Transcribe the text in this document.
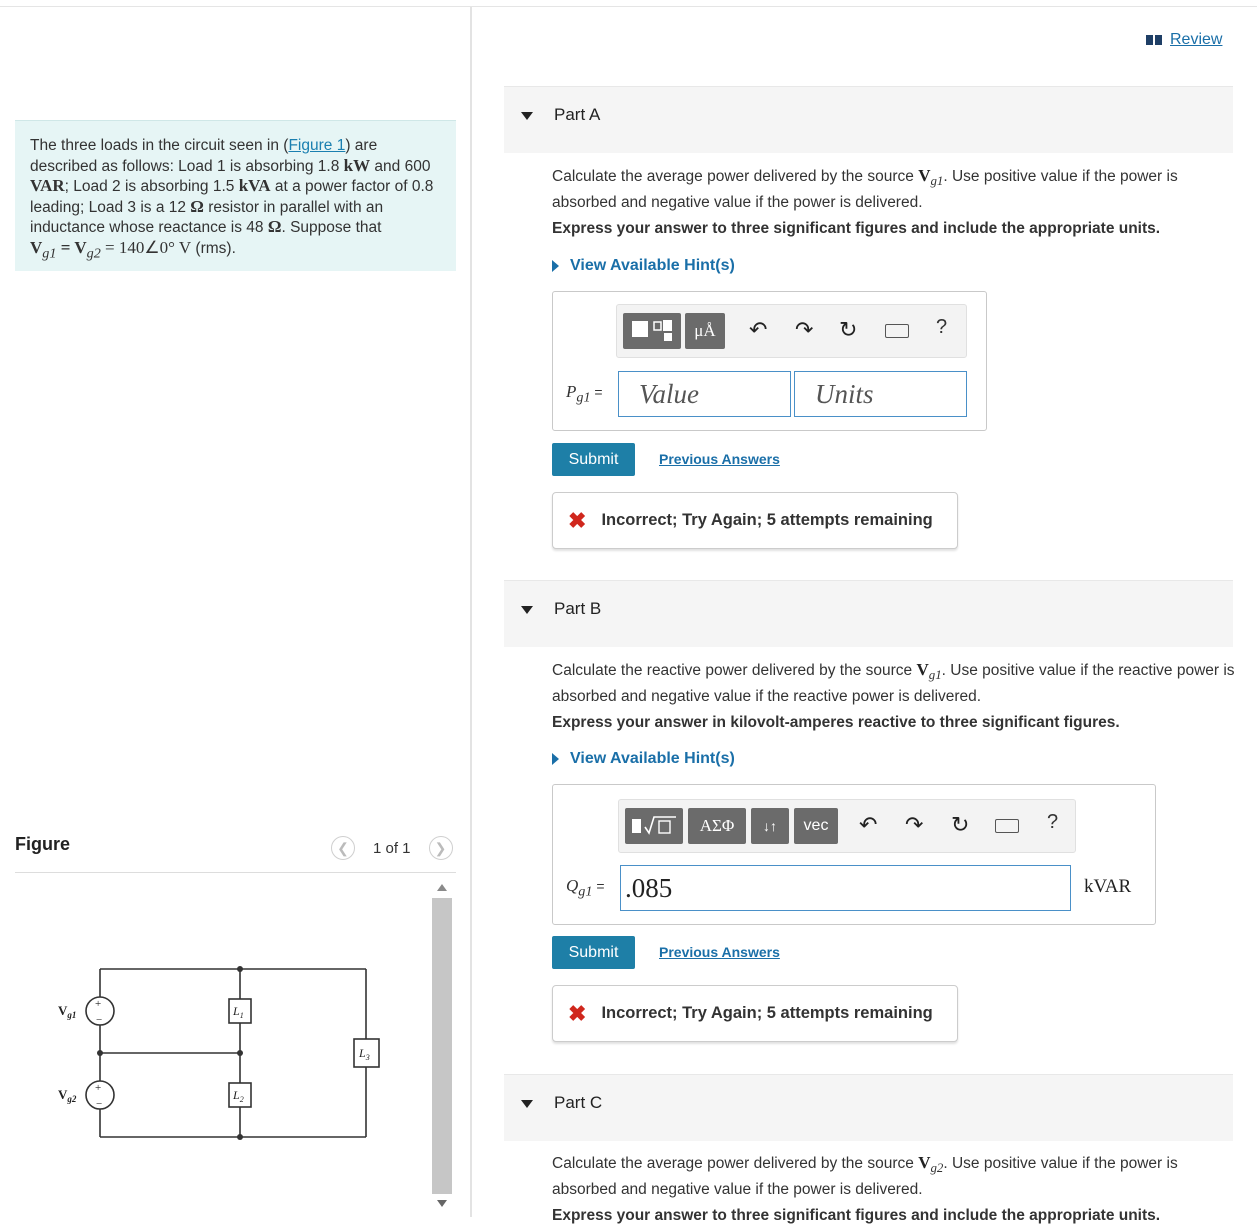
The three loads in the circuit seen in (Figure 1) are described as follows: Load 1 is absorbing 1.8 kW and 600 VAR; Load 2 is absorbing 1.5 kVA at a power factor of 0.8 leading; Load 3 is a 12 Ω resistor in parallel with an inductance whose reactance is 48 Ω. Suppose that
$V_{g1} = V_{g2}$ = 140∠0° V (rms).
Figure	❮	1 of 1	❯
+
−
+
−
$V_{g1}$
$V_{g2}$
$L_1$
$L_2$
$L_3$
Review
Part A
Calculate the average power delivered by the source $V_{g1}$. Use positive value if the power is absorbed and negative value if the power is delivered.
Express your answer to three significant figures and include the appropriate units.
View Available Hint(s)
μÅ	↶ ↷ ↻	?
$P_{g1}$ =	Value	Units
Submit	Previous Answers
✖ Incorrect; Try Again; 5 attempts remaining
Part B
Calculate the reactive power delivered by the source $V_{g1}$. Use positive value if the reactive power is absorbed and negative value if the reactive power is delivered.
Express your answer in kilovolt-amperes reactive to three significant figures.
View Available Hint(s)
ΑΣΦ	↓↑	vec	↶ ↷ ↻	?
$Q_{g1} = .085$	kVAR
Submit	Previous Answers
✖ Incorrect; Try Again; 5 attempts remaining
Part C
Calculate the average power delivered by the source $V_{g2}$. Use positive value if the power is absorbed and negative value if the power is delivered.
Express your answer to three significant figures and include the appropriate units.
